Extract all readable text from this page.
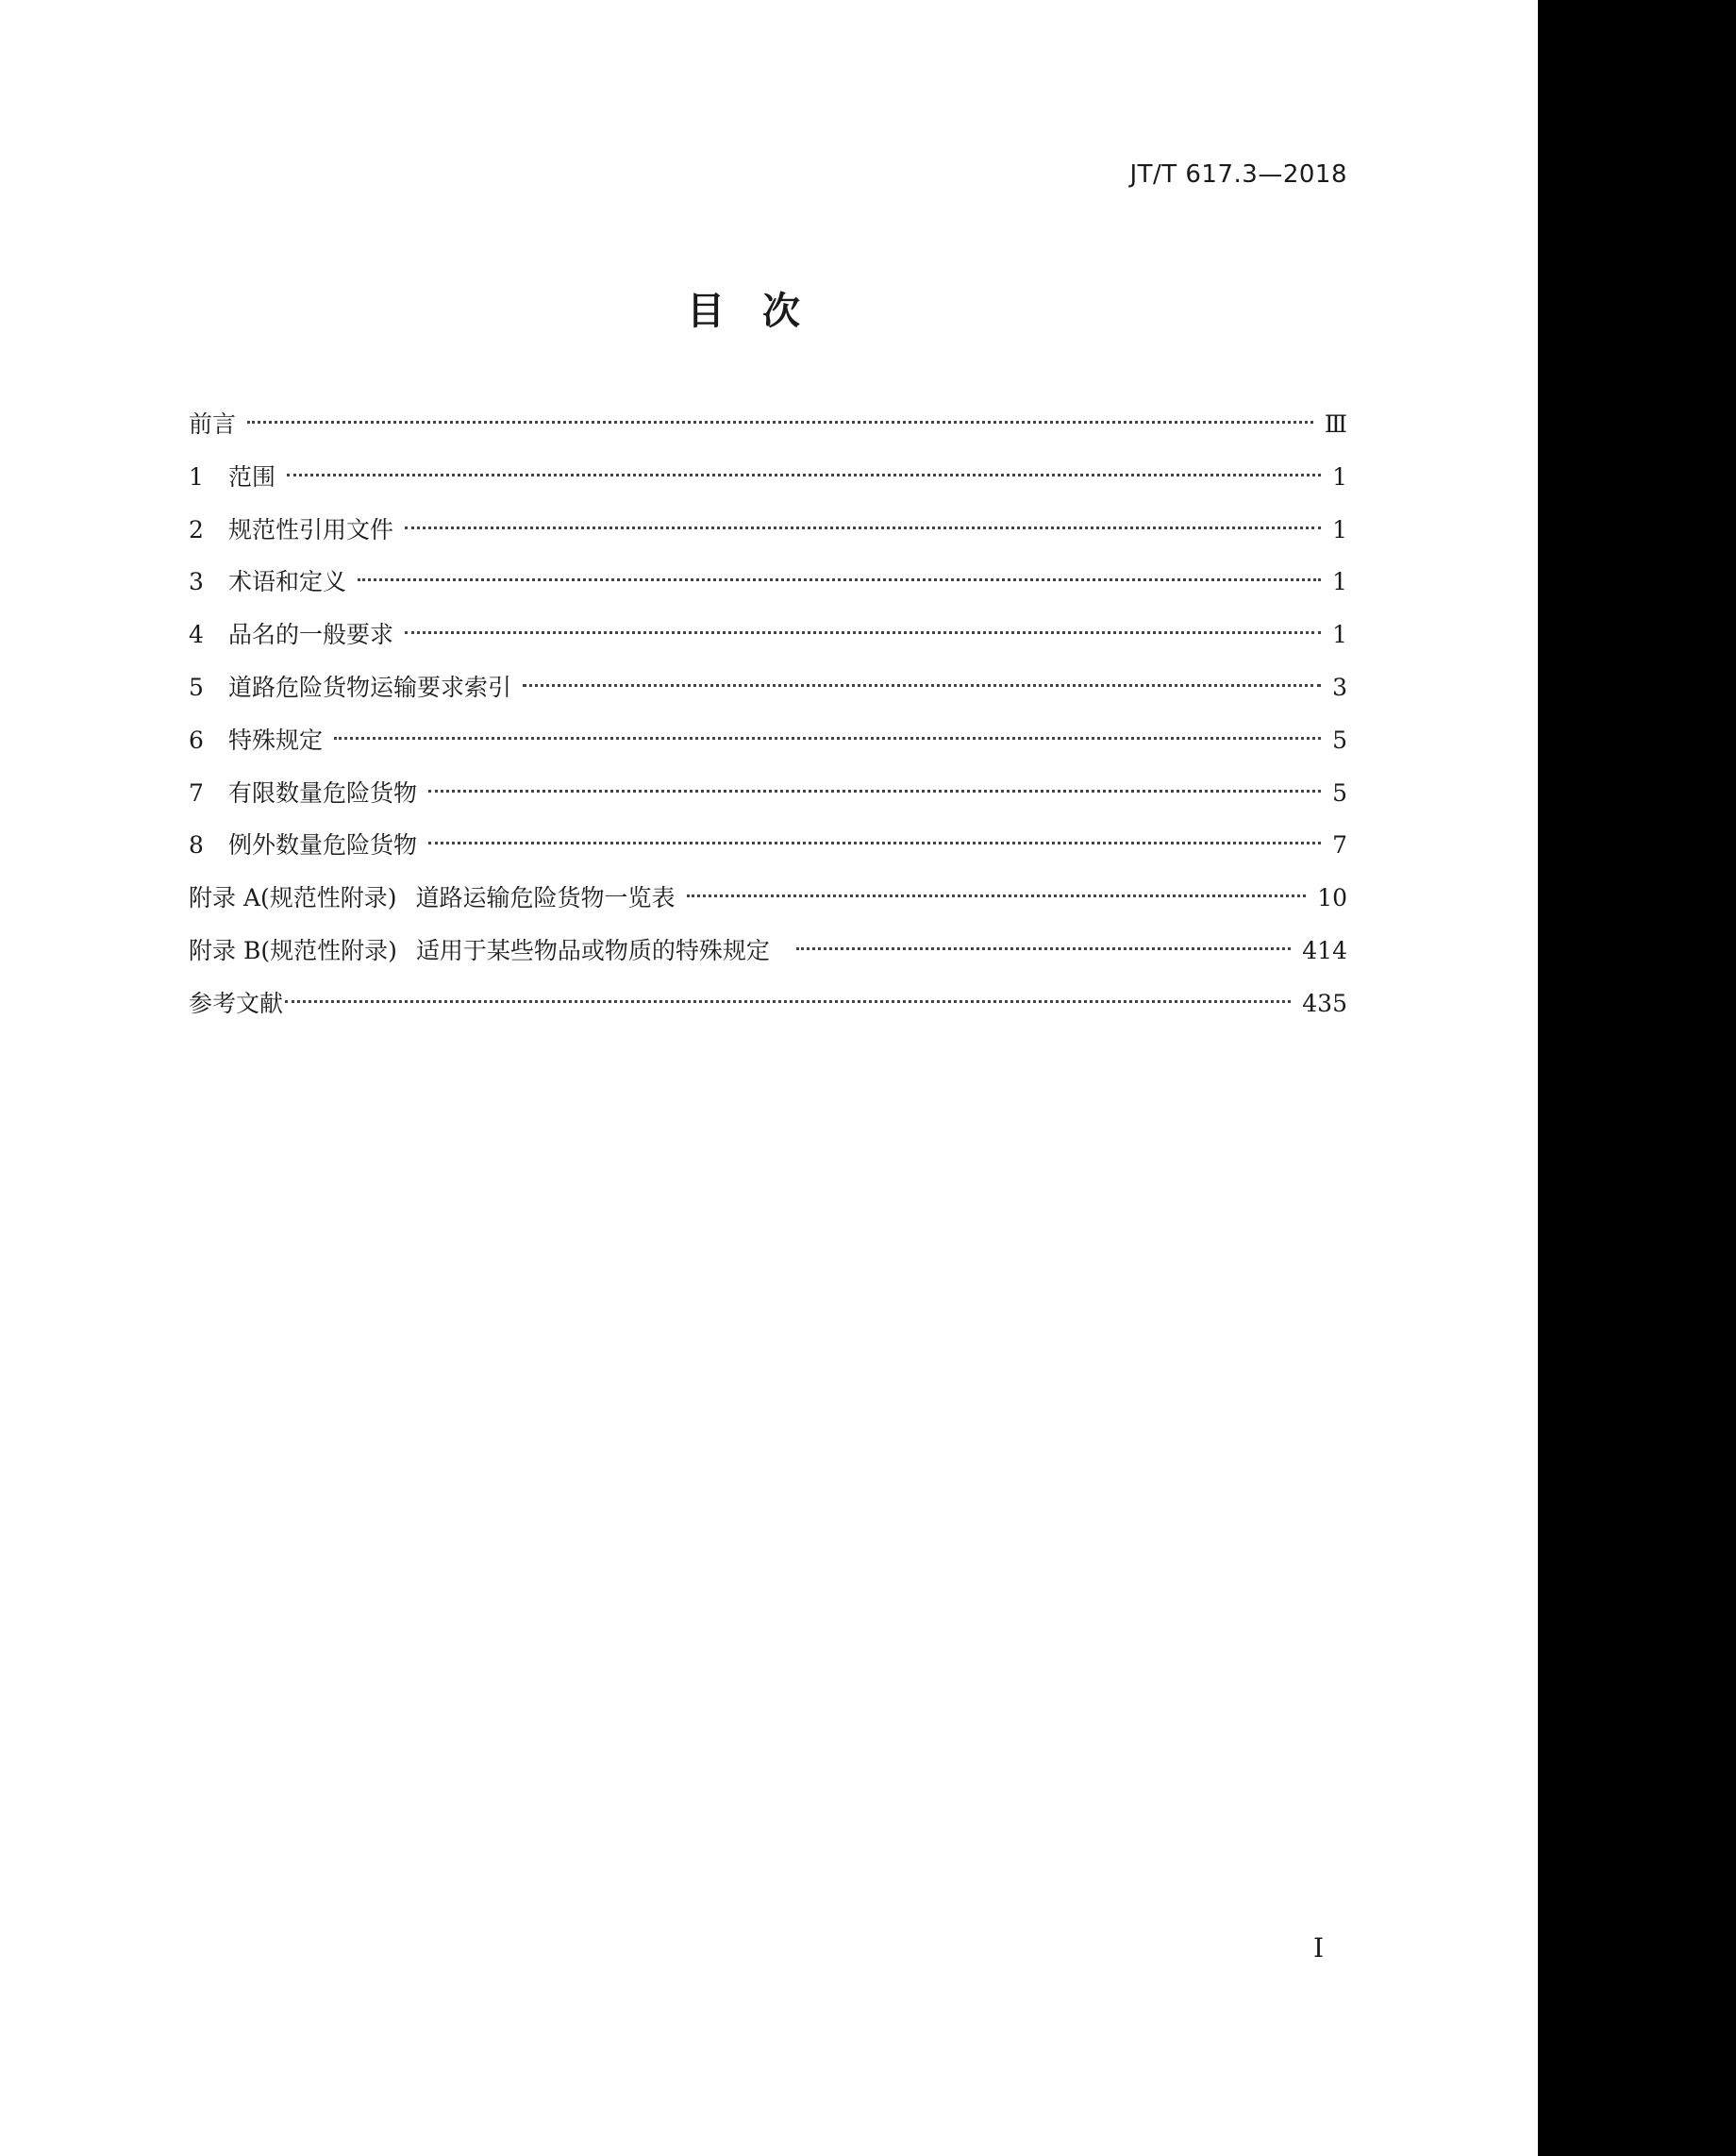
JT/T 617.3—2018
目　次
前言	Ⅲ
1	范围	1
2	规范性引用文件	1
3	术语和定义	1
4	品名的一般要求	1
5	道路危险货物运输要求索引	3
6	特殊规定	5
7	有限数量危险货物	5
8	例外数量危险货物	7
附录 A(规范性附录) 道路运输危险货物一览表	10
附录 B(规范性附录) 适用于某些物品或物质的特殊规定	414
参考文献	435
I
